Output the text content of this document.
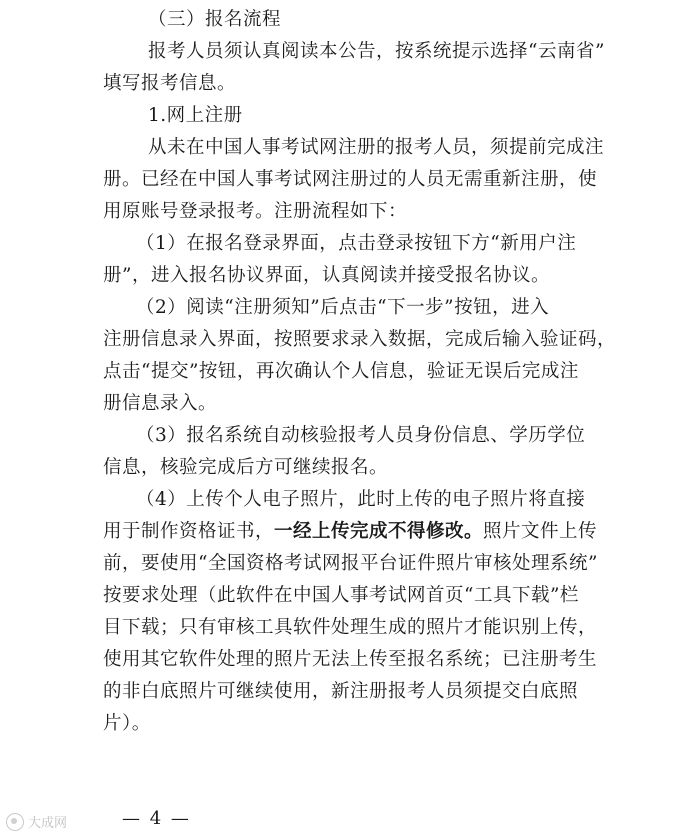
（三）报名流程
报考人员须认真阅读本公告，按系统提示选择“云南省”
填写报考信息。
1.网上注册
从未在中国人事考试网注册的报考人员，须提前完成注
册。已经在中国人事考试网注册过的人员无需重新注册，使
用原账号登录报考。注册流程如下：
（1）在报名登录界面，点击登录按钮下方“新用户注
册”，进入报名协议界面，认真阅读并接受报名协议。
（2）阅读“注册须知”后点击“下一步”按钮，进入
注册信息录入界面，按照要求录入数据，完成后输入验证码，
点击“提交”按钮，再次确认个人信息，验证无误后完成注
册信息录入。
（3）报名系统自动核验报考人员身份信息、学历学位
信息，核验完成后方可继续报名。
（4）上传个人电子照片，此时上传的电子照片将直接
用于制作资格证书，一经上传完成不得修改。照片文件上传
前，要使用“全国资格考试网报平台证件照片审核处理系统”
按要求处理（此软件在中国人事考试网首页“工具下载”栏
目下载；只有审核工具软件处理生成的照片才能识别上传，
使用其它软件处理的照片无法上传至报名系统；已注册考生
的非白底照片可继续使用，新注册报考人员须提交白底照
片）。
— 4 —
大成网
